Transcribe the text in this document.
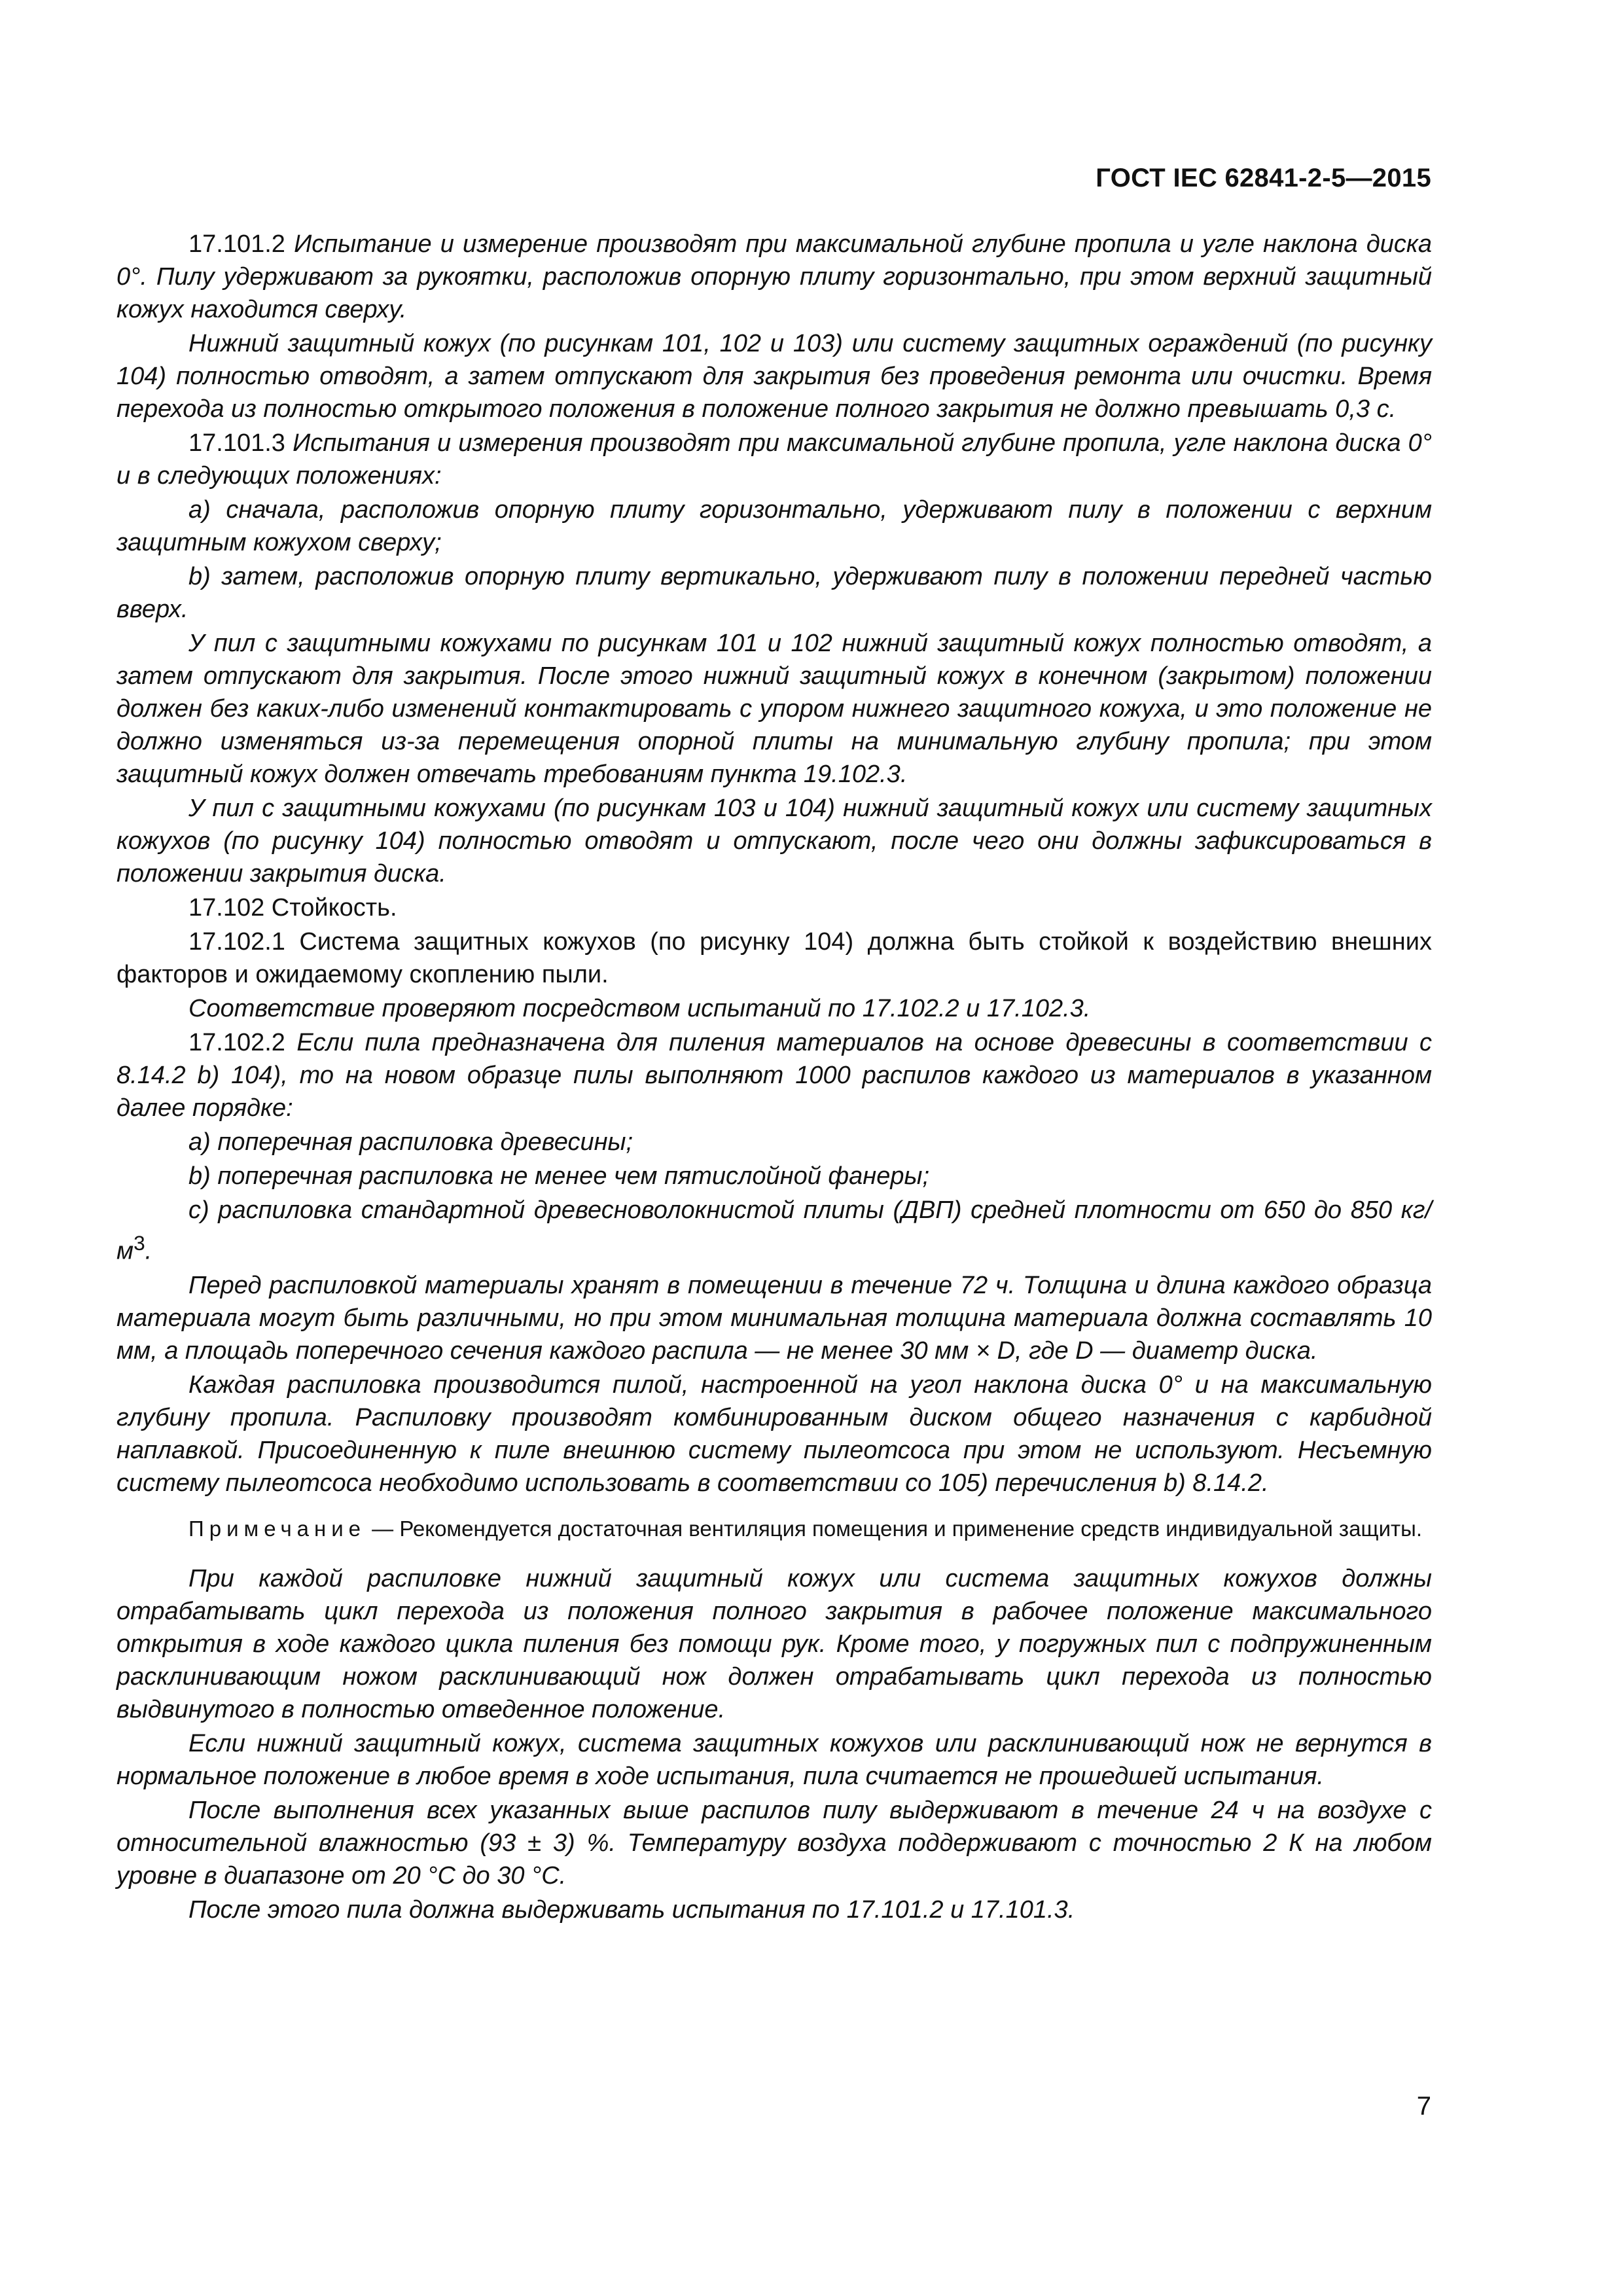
ГОСТ IEC 62841-2-5—2015

17.101.2 Испытание и измерение производят при максимальной глубине пропила и угле наклона диска 0°. Пилу удерживают за рукоятки, расположив опорную плиту горизонтально, при этом верхний защитный кожух находится сверху.

Нижний защитный кожух (по рисункам 101, 102 и 103) или систему защитных ограждений (по рисунку 104) полностью отводят, а затем отпускают для закрытия без проведения ремонта или очистки. Время перехода из полностью открытого положения в положение полного закрытия не должно превышать 0,3 с.

17.101.3 Испытания и измерения производят при максимальной глубине пропила, угле наклона диска 0° и в следующих положениях:

a) сначала, расположив опорную плиту горизонтально, удерживают пилу в положении с верхним защитным кожухом сверху;

b) затем, расположив опорную плиту вертикально, удерживают пилу в положении передней частью вверх.

У пил с защитными кожухами по рисункам 101 и 102 нижний защитный кожух полностью отводят, а затем отпускают для закрытия. После этого нижний защитный кожух в конечном (закрытом) положении должен без каких-либо изменений контактировать с упором нижнего защитного кожуха, и это положение не должно изменяться из-за перемещения опорной плиты на минимальную глубину пропила; при этом защитный кожух должен отвечать требованиям пункта 19.102.3.

У пил с защитными кожухами (по рисункам 103 и 104) нижний защитный кожух или систему защитных кожухов (по рисунку 104) полностью отводят и отпускают, после чего они должны зафиксироваться в положении закрытия диска.

17.102 Стойкость.

17.102.1 Система защитных кожухов (по рисунку 104) должна быть стойкой к воздействию внешних факторов и ожидаемому скоплению пыли.

Соответствие проверяют посредством испытаний по 17.102.2 и 17.102.3.

17.102.2 Если пила предназначена для пиления материалов на основе древесины в соответствии с 8.14.2 b) 104), то на новом образце пилы выполняют 1000 распилов каждого из материалов в указанном далее порядке:

a) поперечная распиловка древесины;

b) поперечная распиловка не менее чем пятислойной фанеры;

c) распиловка стандартной древесноволокнистой плиты (ДВП) средней плотности от 650 до 850 $кг/м^3$.

Перед распиловкой материалы хранят в помещении в течение 72 ч. Толщина и длина каждого образца материала могут быть различными, но при этом минимальная толщина материала должна составлять 10 мм, а площадь поперечного сечения каждого распила — не менее 30 мм × D, где D — диаметр диска.

Каждая распиловка производится пилой, настроенной на угол наклона диска 0° и на максимальную глубину пропила. Распиловку производят комбинированным диском общего назначения с карбидной наплавкой. Присоединенную к пиле внешнюю систему пылеотсоса при этом не используют. Несъемную систему пылеотсоса необходимо использовать в соответствии со 105) перечисления b) 8.14.2.

Примечание — Рекомендуется достаточная вентиляция помещения и применение средств индивидуальной защиты.

При каждой распиловке нижний защитный кожух или система защитных кожухов должны отрабатывать цикл перехода из положения полного закрытия в рабочее положение максимального открытия в ходе каждого цикла пиления без помощи рук. Кроме того, у погружных пил с подпружиненным расклинивающим ножом расклинивающий нож должен отрабатывать цикл перехода из полностью выдвинутого в полностью отведенное положение.

Если нижний защитный кожух, система защитных кожухов или расклинивающий нож не вернутся в нормальное положение в любое время в ходе испытания, пила считается не прошедшей испытания.

После выполнения всех указанных выше распилов пилу выдерживают в течение 24 ч на воздухе с относительной влажностью (93 ± 3) %. Температуру воздуха поддерживают с точностью 2 К на любом уровне в диапазоне от 20 °С до 30 °С.

После этого пила должна выдерживать испытания по 17.101.2 и 17.101.3.

7
